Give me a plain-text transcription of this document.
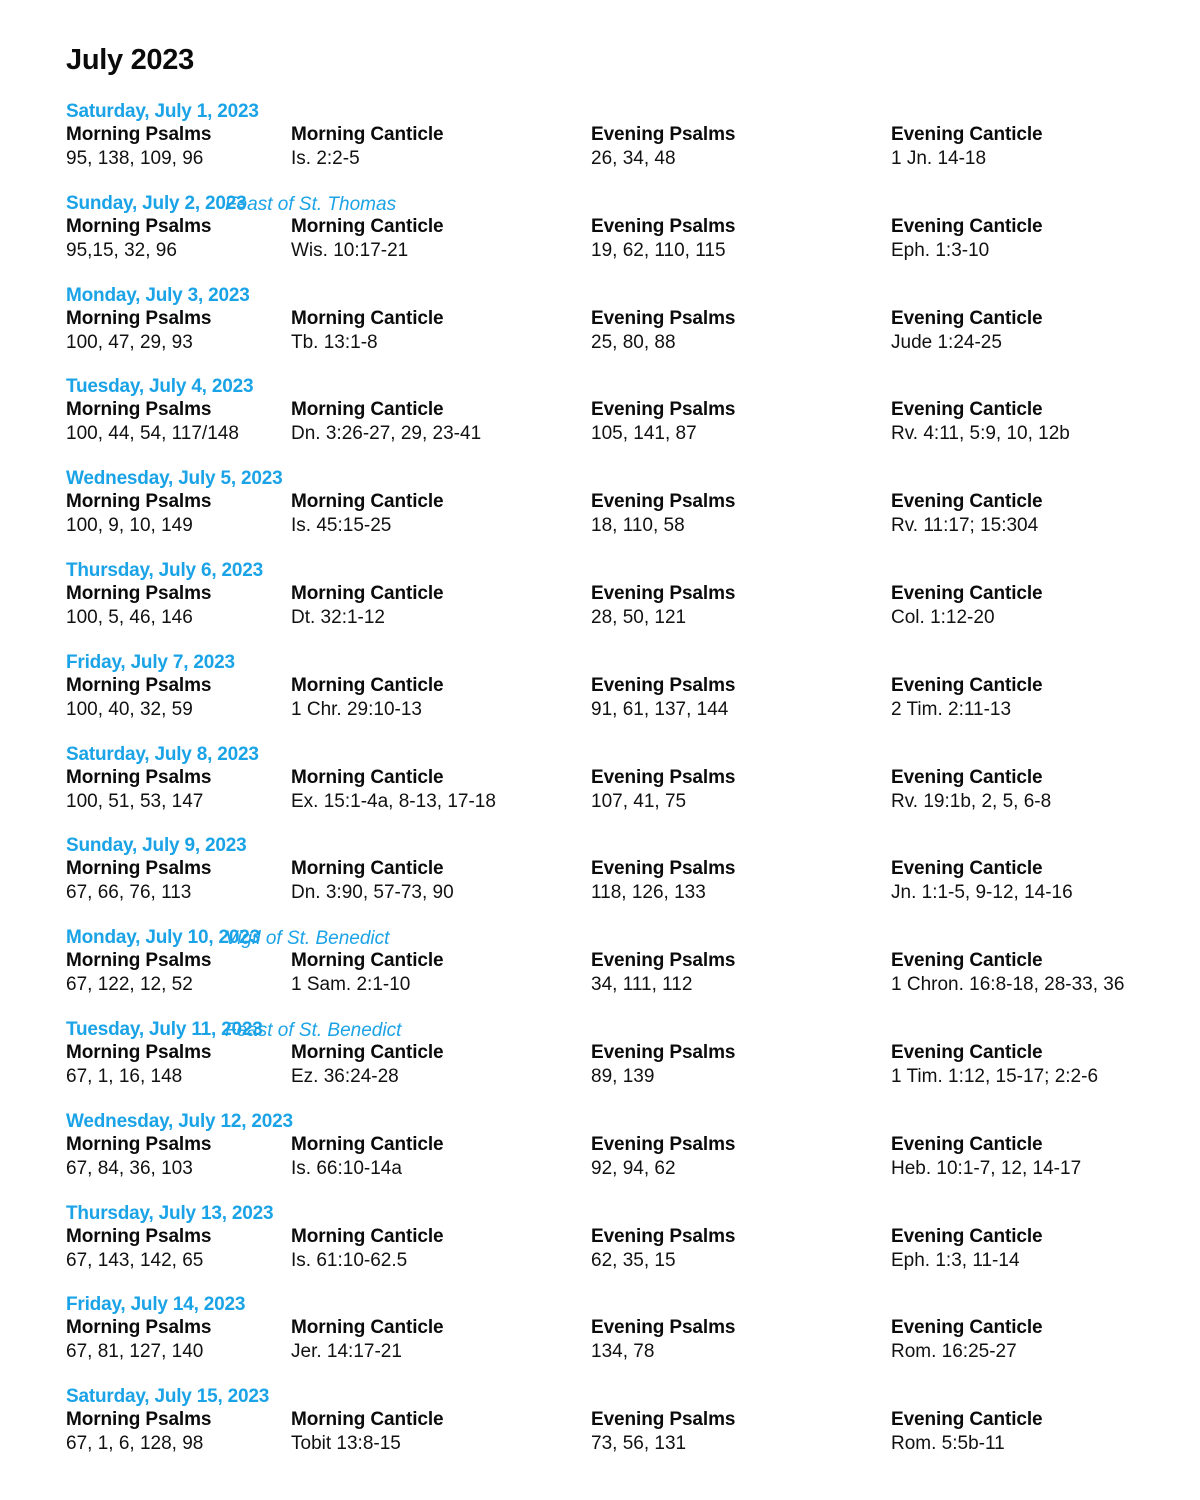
July 2023
Saturday, July 1, 2023
Morning Psalms
95, 138, 109, 96
Morning Canticle
Is. 2:2-5
Evening Psalms
26, 34, 48
Evening Canticle
1 Jn. 14-18
Sunday, July 2, 2023
Feast of St. Thomas
Morning Psalms
95,15, 32, 96
Morning Canticle
Wis. 10:17-21
Evening Psalms
19, 62, 110, 115
Evening Canticle
Eph. 1:3-10
Monday, July 3, 2023
Morning Psalms
100, 47, 29, 93
Morning Canticle
Tb. 13:1-8
Evening Psalms
25, 80, 88
Evening Canticle
Jude 1:24-25
Tuesday, July 4, 2023
Morning Psalms
100, 44, 54, 117/148
Morning Canticle
Dn. 3:26-27, 29, 23-41
Evening Psalms
105, 141, 87
Evening Canticle
Rv. 4:11, 5:9, 10, 12b
Wednesday, July 5, 2023
Morning Psalms
100, 9, 10, 149
Morning Canticle
Is. 45:15-25
Evening Psalms
18, 110, 58
Evening Canticle
Rv. 11:17; 15:304
Thursday, July 6, 2023
Morning Psalms
100, 5, 46, 146
Morning Canticle
Dt. 32:1-12
Evening Psalms
28, 50, 121
Evening Canticle
Col. 1:12-20
Friday, July 7, 2023
Morning Psalms
100, 40, 32, 59
Morning Canticle
1 Chr. 29:10-13
Evening Psalms
91, 61, 137, 144
Evening Canticle
2 Tim. 2:11-13
Saturday, July 8, 2023
Morning Psalms
100, 51, 53, 147
Morning Canticle
Ex. 15:1-4a, 8-13, 17-18
Evening Psalms
107, 41, 75
Evening Canticle
Rv. 19:1b, 2, 5, 6-8
Sunday, July 9, 2023
Morning Psalms
67, 66, 76, 113
Morning Canticle
Dn. 3:90, 57-73, 90
Evening Psalms
118, 126, 133
Evening Canticle
Jn. 1:1-5, 9-12, 14-16
Monday, July 10, 2023
Vigil of St. Benedict
Morning Psalms
67, 122, 12, 52
Morning Canticle
1 Sam. 2:1-10
Evening Psalms
34, 111, 112
Evening Canticle
1 Chron. 16:8-18, 28-33, 36
Tuesday, July 11, 2023
Feast of St. Benedict
Morning Psalms
67, 1, 16, 148
Morning Canticle
Ez. 36:24-28
Evening Psalms
89, 139
Evening Canticle
1 Tim. 1:12, 15-17; 2:2-6
Wednesday, July 12, 2023
Morning Psalms
67, 84, 36, 103
Morning Canticle
Is. 66:10-14a
Evening Psalms
92, 94, 62
Evening Canticle
Heb. 10:1-7, 12, 14-17
Thursday, July 13, 2023
Morning Psalms
67, 143, 142, 65
Morning Canticle
Is. 61:10-62.5
Evening Psalms
62, 35, 15
Evening Canticle
Eph. 1:3, 11-14
Friday, July 14, 2023
Morning Psalms
67, 81, 127, 140
Morning Canticle
Jer. 14:17-21
Evening Psalms
134, 78
Evening Canticle
Rom. 16:25-27
Saturday, July 15, 2023
Morning Psalms
67, 1, 6, 128, 98
Morning Canticle
Tobit 13:8-15
Evening Psalms
73, 56, 131
Evening Canticle
Rom. 5:5b-11
